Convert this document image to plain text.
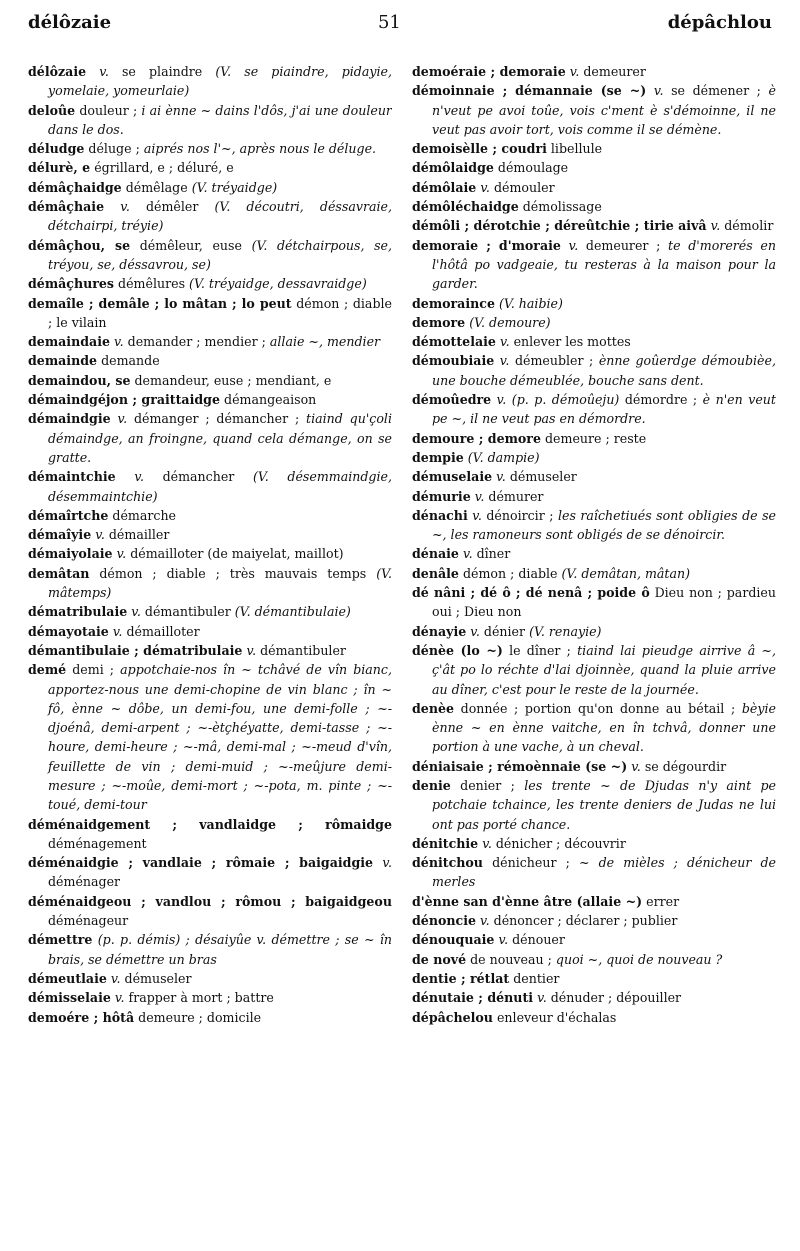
délôzaie	51	dépâchlou

délôzaie v. se plaindre (V. se piaindre, pidayie, yomelaie, yomeurlaie)

deloûe douleur ; i ai ènne ~ dains l'dôs, j'ai une douleur dans le dos.

déludge déluge ; aiprés nos l'~, après nous le déluge.

délurè, e égrillard, e ; déluré, e

démâçhaidge démêlage (V. tréyaidge)

démâçhaie v. démêler (V. découtri, déssavraie, détchairpi, tréyie)

démâçhou, se démêleur, euse (V. détchairpous, se, tréyou, se, déssavrou, se)

démâçhures démêlures (V. tréyaidge, dessavraidge)

demaîle ; demâle ; lo mâtan ; lo peut démon ; diable ; le vilain

demaindaie v. demander ; mendier ; allaie ~, mendier

demainde demande

demaindou, se demandeur, euse ; mendiant, e

démaindgéjon ; graittaidge démangeaison

démaindgie v. démanger ; démancher ; tiaind qu'çoli démaindge, an froingne, quand cela démange, on se gratte.

démaintchie v. démancher (V. désemmaindgie, désemmaintchie)

démaîrtche démarche

démaîyie v. démailler

démaiyolaie v. démailloter (de maiyelat, maillot)

demâtan démon ; diable ; très mauvais temps (V. mâtemps)

dématribulaie v. démantibuler (V. démantibulaie)

démayotaie v. démailloter

démantibulaie ; dématribulaie v. démantibuler

demé demi ; appotchaie-nos în ~ tchâvé de vîn bianc, apportez-nous une demi-chopine de vin blanc ; în ~ fô, ènne ~ dôbe, un demi-fou, une demi-folle ; ~-djoénâ, demi-arpent ; ~-ètçhéyatte, demi-tasse ; ~-houre, demi-heure ; ~-mâ, demi-mal ; ~-meud d'vîn, feuillette de vin ; demi-muid ; ~-meûjure demi-mesure ; ~-moûe, demi-mort ; ~-pota, m. pinte ; ~-toué, demi-tour

déménaidgement ; vandlaidge ; rômaidge déménagement

déménaidgie ; vandlaie ; rômaie ; baigaidgie v. déménager

déménaidgeou ; vandlou ; rômou ; baigaidgeou déménageur

démettre (p. p. démis) ; désaiyûe v. démettre ; se ~ în brais, se démettre un bras

démeutlaie v. démuseler

démisselaie v. frapper à mort ; battre

demoére ; hôtâ demeure ; domicile

demoéraie ; demoraie v. demeurer

démoinnaie ; démannaie (se ~) v. se démener ; è n'veut pe avoi toûe, vois c'ment è s'démoinne, il ne veut pas avoir tort, vois comme il se démène.

demoisèlle ; coudri libellule

démôlaidge démoulage

démôlaie v. démouler

démôléchaidge démolissage

démôli ; dérotchie ; dérеûtchie ; tirie aivâ v. démolir

demoraie ; d'moraie v. demeurer ; te d'morerés en l'hôtâ po vadgeaie, tu resteras à la maison pour la garder.

demoraince (V. haibie)

demore (V. demoure)

démottelaie v. enlever les mottes

démoubiaie v. démeubler ; ènne goûerdge démoubièe, une bouche démeublée, bouche sans dent.

démoûedre v. (p. p. démoûeju) démordre ; è n'en veut pe ~, il ne veut pas en démordre.

demoure ; demore demeure ; reste

dempie (V. dampie)

démuselaie v. démuseler

démurie v. démurer

dénachi v. dénoircir ; les raîchetiués sont obligies de se ~, les ramoneurs sont obligés de se dénoircir.

dénaie v. dîner

denâle démon ; diable (V. demâtan, mâtan)

dé nâni ; dé ô ; dé nenâ ; poide ô Dieu non ; pardieu oui ; Dieu non

dénayie v. dénier (V. renayie)

dénèe (lo ~) le dîner ; tiaind lai pieudge airrive â ~, ç'ât po lo réchte d'lai djoinnèe, quand la pluie arrive au dîner, c'est pour le reste de la journée.

denèe donnée ; portion qu'on donne au bétail ; bèyie ènne ~ en ènne vaitche, en în tchvâ, donner une portion à une vache, à un cheval.

déniaisaie ; rémoènnaie (se ~) v. se dégourdir

denie denier ; les trente ~ de Djudas n'y aint pe potchaie tchaince, les trente deniers de Judas ne lui ont pas porté chance.

dénitchie v. dénicher ; découvrir

dénitchou dénicheur ; ~ de mièles ; dénicheur de merles

d'ènne san d'ènne âtre (allaie ~) errer

dénoncie v. dénoncer ; déclarer ; publier

dénouquaie v. dénouer

de nové de nouveau ; quoi ~, quoi de nouveau ?

dentie ; rétlat dentier

dénutaie ; dénuti v. dénuder ; dépouiller

dépâchelou enleveur d'échalas
